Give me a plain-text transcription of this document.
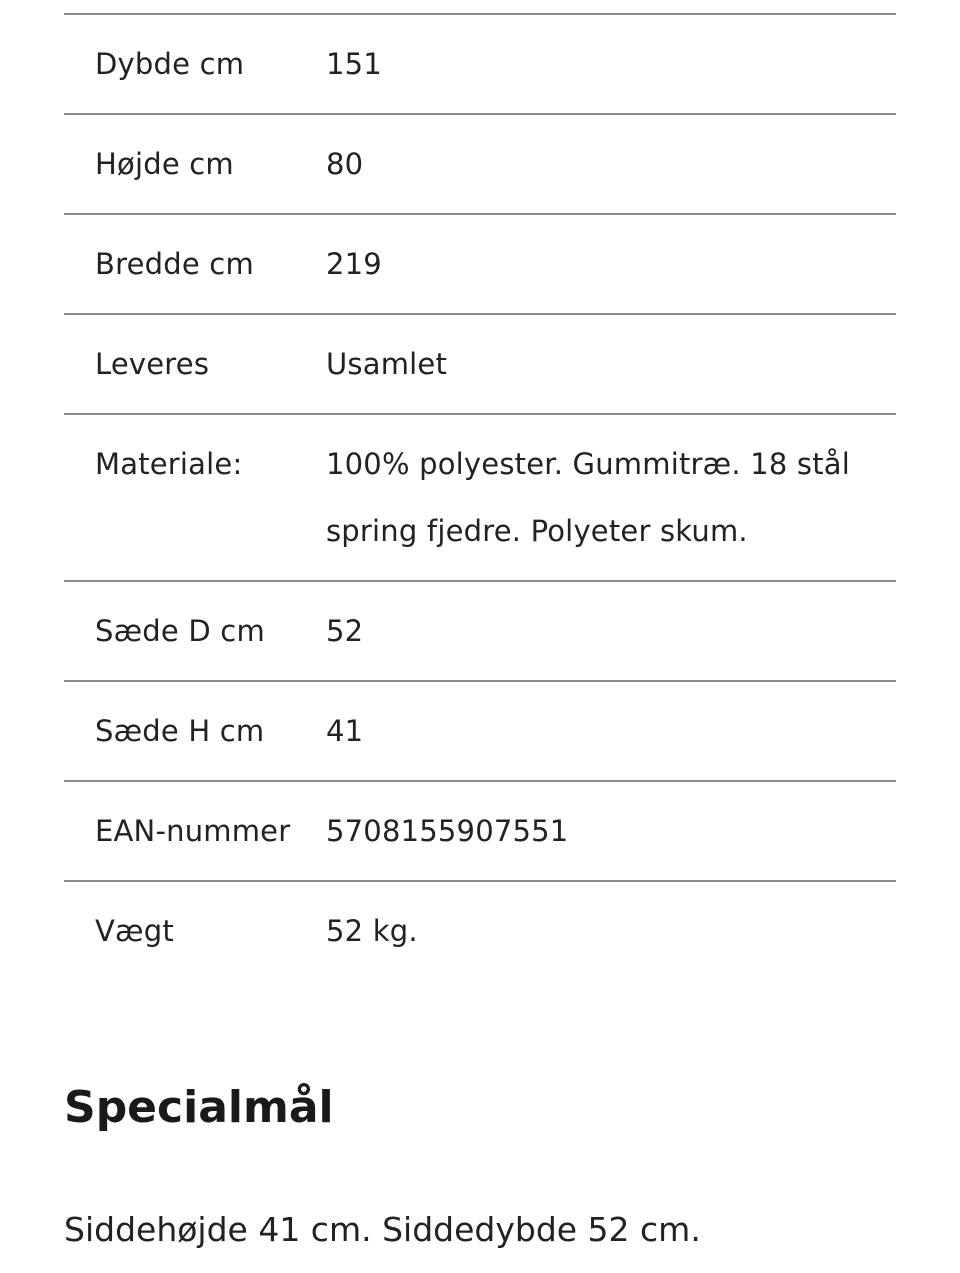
Dybde cm	151
Højde cm	80
Bredde cm	219
Leveres	Usamlet
Materiale:	100% polyester. Gummitræ. 18 stål spring fjedre. Polyeter skum.
Sæde D cm	52
Sæde H cm	41
EAN-nummer	5708155907551
Vægt	52 kg.
Specialmål

Siddehøjde 41 cm. Siddedybde 52 cm.
